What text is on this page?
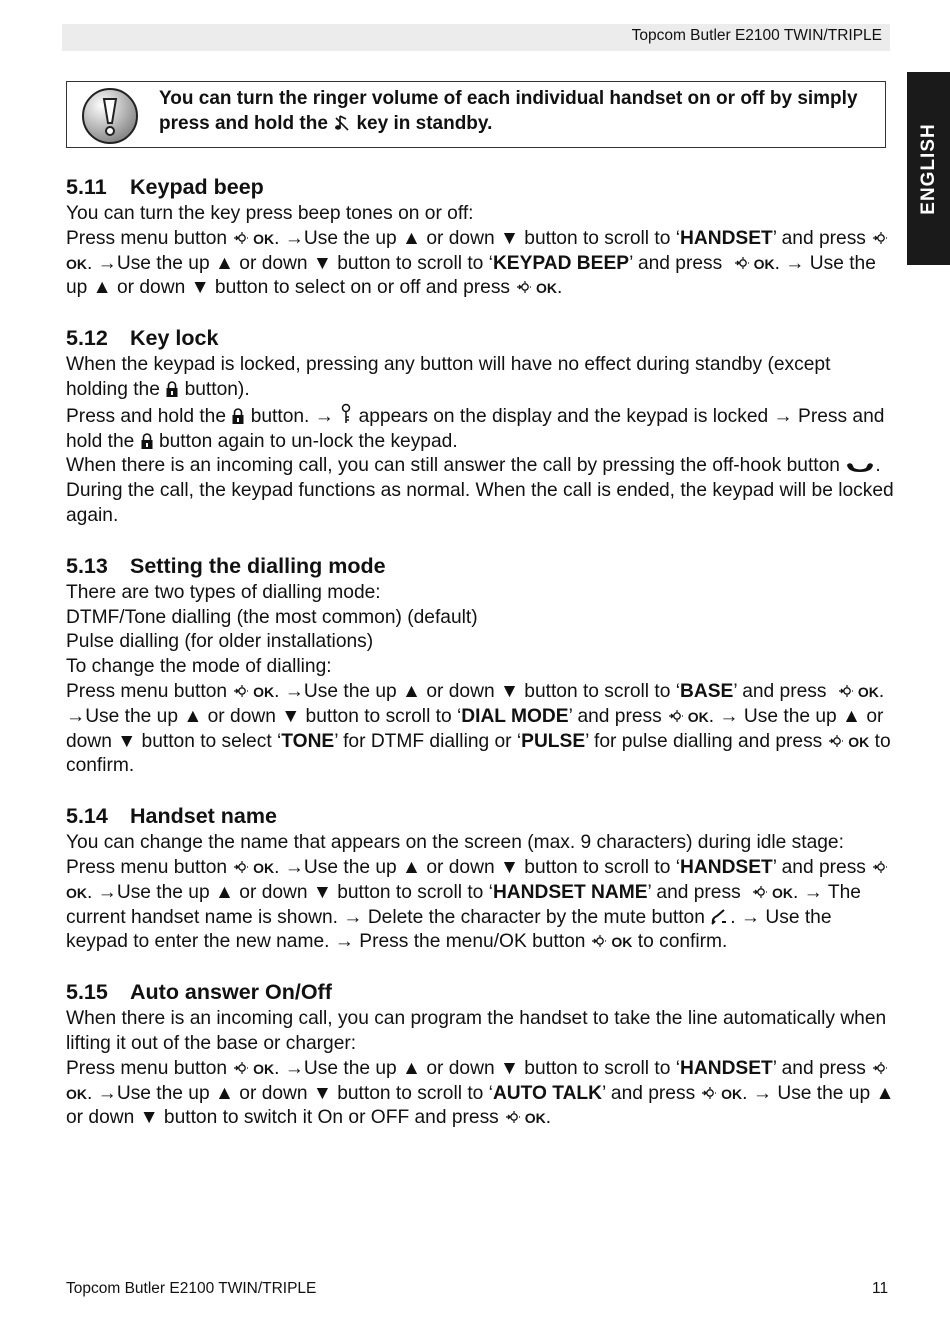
Topcom Butler E2100 TWIN/TRIPLE
ENGLISH
You can turn the ringer volume of each individual handset on or off by simply press and hold the key in standby.
5.11 Keypad beep

You can turn the key press beep tones on or off:

Press menu button OK. →Use the up ▲ or down ▼ button to scroll to ‘HANDSET’ and pressOK. →Use the up ▲ or down ▼ button to scroll to ‘KEYPAD BEEP’ and press OK. → Use the up ▲ or down ▼ button to select on or off and press OK.

5.12 Key lock

When the keypad is locked, pressing any button will have no effect during standby (except holding the button).

Press and hold the button. → appears on the display and the keypad is locked → Press and hold the button again to un-lock the keypad.

When there is an incoming call, you can still answer the call by pressing the off-hook button . During the call, the keypad functions as normal. When the call is ended, the keypad will be locked again.

5.13 Setting the dialling mode

There are two types of dialling mode:

DTMF/Tone dialling (the most common) (default)

Pulse dialling (for older installations)

To change the mode of dialling:

Press menu button OK. →Use the up ▲ or down ▼ button to scroll to ‘BASE’ and press OK. →Use the up ▲ or down ▼ button to scroll to ‘DIAL MODE’ and press OK. → Use the up ▲ or down ▼ button to select ‘TONE’ for DTMF dialling or ‘PULSE’ for pulse dialling and press OK to confirm.

5.14 Handset name

You can change the name that appears on the screen (max. 9 characters) during idle stage:

Press menu button OK. →Use the up ▲ or down ▼ button to scroll to ‘HANDSET’ and pressOK. →Use the up ▲ or down ▼ button to scroll to ‘HANDSET NAME’ and press OK. → The current handset name is shown. → Delete the character by the mute button . → Use the keypad to enter the new name. → Press the menu/OK button OK to confirm.

5.15 Auto answer On/Off

When there is an incoming call, you can program the handset to take the line automatically when lifting it out of the base or charger:

Press menu button OK. →Use the up ▲ or down ▼ button to scroll to ‘HANDSET’ and pressOK. →Use the up ▲ or down ▼ button to scroll to ‘AUTO TALK’ and press OK. → Use the up ▲ or down ▼ button to switch it On or OFF and press OK.

Topcom Butler E2100 TWIN/TRIPLE	11
